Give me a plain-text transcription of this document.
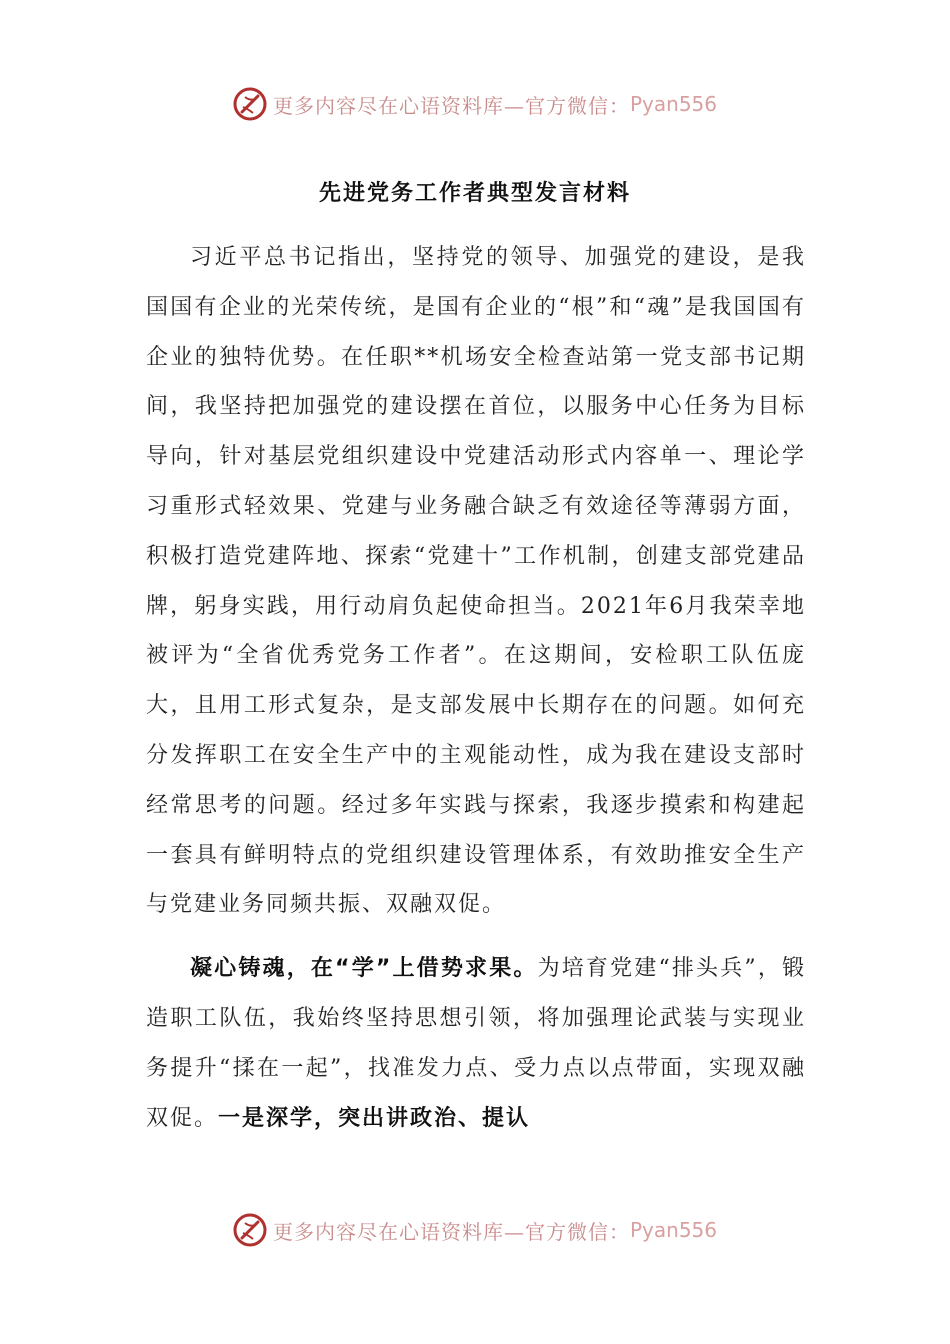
更多内容尽在心语资料库—官方微信： Pyan556
先进党务工作者典型发言材料

习近平总书记指出，坚持党的领导、加强党的建设，是我国国有企业的光荣传统，是国有企业的“根”和“魂”是我国国有企业的独特优势。在任职**机场安全检查站第一党支部书记期间，我坚持把加强党的建设摆在首位，以服务中心任务为目标导向，针对基层党组织建设中党建活动形式内容单一、理论学习重形式轻效果、党建与业务融合缺乏有效途径等薄弱方面，积极打造党建阵地、探索“党建十”工作机制，创建支部党建品牌，躬身实践，用行动肩负起使命担当。2021年6月我荣幸地被评为“全省优秀党务工作者”。在这期间，安检职工队伍庞大，且用工形式复杂，是支部发展中长期存在的问题。如何充分发挥职工在安全生产中的主观能动性，成为我在建设支部时经常思考的问题。经过多年实践与探索，我逐步摸索和构建起一套具有鲜明特点的党组织建设管理体系，有效助推安全生产与党建业务同频共振、双融双促。

凝心铸魂，在“学”上借势求果。为培育党建“排头兵”，锻造职工队伍，我始终坚持思想引领，将加强理论武装与实现业务提升“揉在一起”，找准发力点、受力点以点带面，实现双融双促。一是深学，突出讲政治、提认

更多内容尽在心语资料库—官方微信： Pyan556
